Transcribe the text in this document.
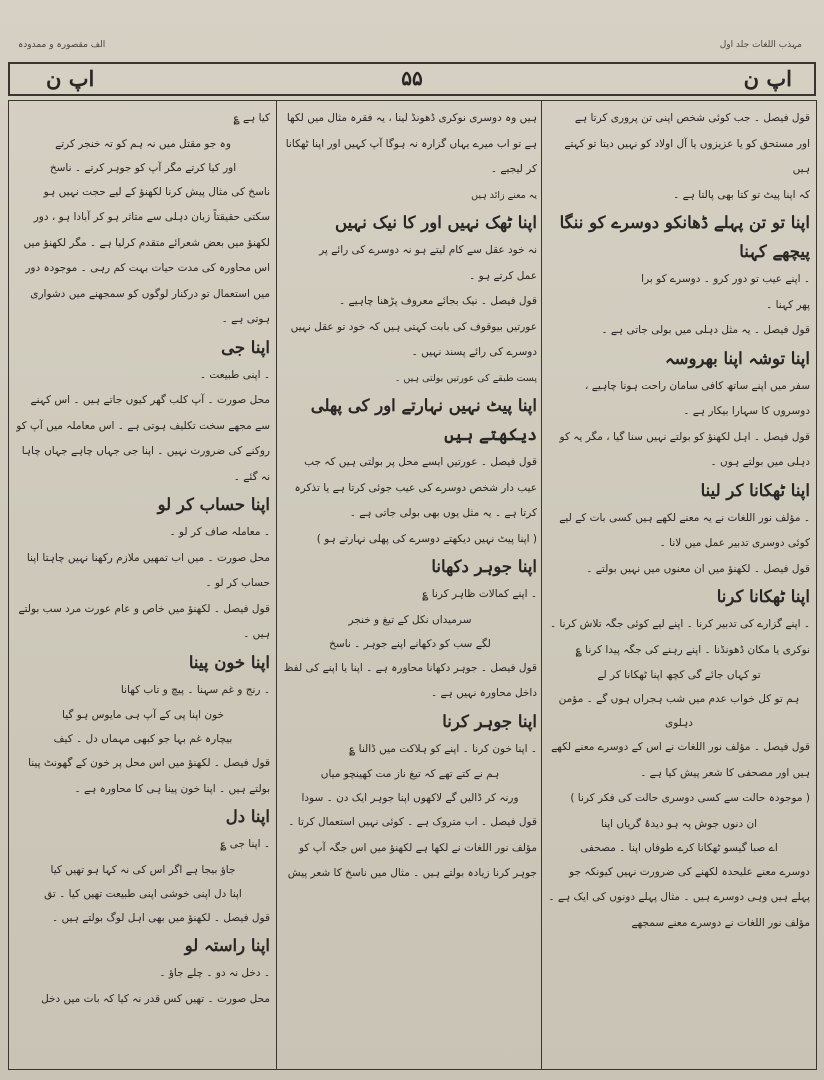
مہذب اللغات جلد اول
الف مقصورہ و ممدودہ
اپ ن
۵۵
اپ ن
قول فیصل ۔ جب کوئی شخص اپنی تن پروری کرتا ہے
اور مستحق کو یا عزیزوں یا آل اولاد کو نہیں دیتا تو کہتے ہیں
کہ اپنا پیٹ تو کتا بھی پالتا ہے ۔
اپنا تو تن پہلے ڈھانکو دوسرے کو ننگا
پیچھے کہنا
۔ اپنے عیب تو دور کرو ۔ دوسرے کو برا
پھر کہنا ۔
قول فیصل ۔ یہ مثل دہلی میں بولی جاتی ہے ۔
اپنا توشہ اپنا بھروسہ
سفر میں اپنے ساتھ کافی سامان راحت ہونا چاہیے ، دوسروں کا سہارا بیکار ہے ۔
قول فیصل ۔ اہل لکھنؤ کو بولتے نہیں سنا گیا ، مگر یہ کو دہلی میں بولتے ہوں ۔
اپنا ٹھکانا کر لینا
۔ مؤلف نور اللغات نے یہ معنے لکھے ہیں کسی بات کے لیے کوئی دوسری تدبیر عمل میں لانا ۔
قول فیصل ۔ لکھنؤ میں ان معنوں میں نہیں بولتے ۔
اپنا ٹھکانا کرنا
۔ اپنے گزارے کی تدبیر کرنا ۔ اپنے لیے کوئی جگہ تلاش کرنا ۔ نوکری یا مکان ڈھونڈنا ۔ اپنے رہنے کی جگہ پیدا کرنا ؏
تو کہاں جائے گی کچھ اپنا ٹھکانا کر لے
ہم تو کل خواب عدم میں شب ہجراں ہوں گے ۔ مؤمن دہلوی
قول فیصل ۔ مؤلف نور اللغات نے اس کے دوسرے معنے لکھے ہیں اور مصحفی کا شعر پیش کیا ہے ۔
( موجودہ حالت سے کسی دوسری حالت کی فکر کرنا )
ان دنوں جوش پہ ہو دیدۂ گریاں اپنا
اے صبا گیسو ٹھکانا کرے طوفاں اپنا ۔ مصحفی
دوسرے معنے علیحدہ لکھنے کی ضرورت نہیں کیونکہ جو پہلے ہیں وہی دوسرے ہیں ۔ مثال پہلے دونوں کی ایک ہے ۔ مؤلف نور اللغات نے دوسرے معنے سمجھے
ہیں وہ دوسری نوکری ڈھونڈ لینا ، یہ فقرہ مثال میں لکھا
ہے تو اب میرے یہاں گزارہ نہ ہوگا آپ کہیں اور اپنا ٹھکانا
کر لیجیے ۔
یہ معنے زائد ہیں
اپنا ٹھک نہیں اور کا نیک نہیں
نہ خود عقل سے کام لیتے ہو نہ دوسرے کی رائے پر
عمل کرتے ہو ۔
قول فیصل ۔ نیک بجائے معروف پڑھنا چاہیے ۔
عورتیں بیوقوف کی بابت کہتی ہیں کہ خود تو عقل نہیں دوسرے کی رائے پسند نہیں ۔
پست طبقے کی عورتیں بولتی ہیں ۔
اپنا پیٹ نہیں نہارتے اور کی پھلی
دیکھتے ہیں
قول فیصل ۔ عورتیں ایسے محل پر بولتی ہیں کہ جب عیب دار شخص دوسرے کی عیب جوئی کرتا ہے یا تذکرہ کرتا ہے ۔ یہ مثل یوں بھی بولی جاتی ہے ۔
( اپنا پیٹ نہیں دیکھتے دوسرے کی پھلی نہارتے ہو )
اپنا جوہر دکھانا
۔ اپنے کمالات ظاہر کرنا ؏
سرمیداں نکل کے تیغ و خنجر
لگے سب کو دکھانے اپنے جوہر ۔ ناسخ
قول فیصل ۔ جوہر دکھانا محاورہ ہے ۔ اپنا یا اپنے کی لفظ داخل محاورہ نہیں ہے ۔
اپنا جوہر کرنا
۔ اپنا خون کرنا ۔ اپنے کو ہلاکت میں ڈالنا ؏
ہم نے کتے تھے کہ تیغ ناز مت کھینچو میاں
ورنہ کر ڈالیں گے لاکھوں اپنا جوہر ایک دن ۔ سودا
قول فیصل ۔ اب متروک ہے ۔ کوئی نہیں استعمال کرتا ۔ مؤلف نور اللغات نے لکھا ہے لکھنؤ میں اس جگہ آپ کو جوہر کرنا زیادہ بولتے ہیں ۔ مثال میں ناسخ کا شعر پیش
کیا ہے ؏
وہ جو مقتل میں نہ ہم کو تہ خنجر کرتے
اور کیا کرتے مگر آپ کو جوہر کرتے ۔ ناسخ
ناسخ کی مثال پیش کرنا لکھنؤ کے لیے حجت نہیں ہو سکتی حقیقتاً زبان دہلی سے متاثر ہو کر آبادا ہو ، دور لکھنؤ میں بعض شعرائے متقدم کرلیا ہے ۔ مگر لکھنؤ میں اس محاورہ کی مدت حیات بہت کم رہی ۔ موجودہ دور میں استعمال تو درکنار لوگوں کو سمجھنے میں دشواری ہوتی ہے ۔
اپنا جی
۔ اپنی طبیعت ۔
محل صورت ۔ آپ کلب گھر کیوں جاتے ہیں ۔ اس کہنے سے مجھے سخت تکلیف ہوتی ہے ۔ اس معاملہ میں آپ کو روکنے کی ضرورت نہیں ۔ اپنا جی جہاں چاہے جہاں چاہا نہ گئے ۔
اپنا حساب کر لو
۔ معاملہ صاف کر لو ۔
محل صورت ۔ میں اب تمھیں ملازم رکھنا نہیں چاہتا اپنا حساب کر لو ۔
قول فیصل ۔ لکھنؤ میں خاص و عام عورت مرد سب بولتے ہیں ۔
اپنا خون پینا
۔ رنج و غم سہنا ۔ پیچ و تاب کھانا
خون اپنا پی کے آپ ہی مایوس ہو گیا
بیچارہ غم بہا جو کبھی مہماں دل ۔ کیف
قول فیصل ۔ لکھنؤ میں اس محل پر خون کے گھونٹ پینا بولتے ہیں ۔ اپنا خون پینا ہی کا محاورہ ہے ۔
اپنا دل
۔ اپنا جی ؏
جاؤ بیجا ہے اگر اس کی نہ کہا ہو تھیں کیا
اپنا دل اپنی خوشی اپنی طبیعت تھیں کیا ۔ تق
قول فیصل ۔ لکھنؤ میں بھی اہل لوگ بولتے ہیں ۔
اپنا راستہ لو
۔ دخل نہ دو ۔ چلے جاؤ ۔
محل صورت ۔ تھیں کس قدر نہ کیا کہ بات میں دخل
